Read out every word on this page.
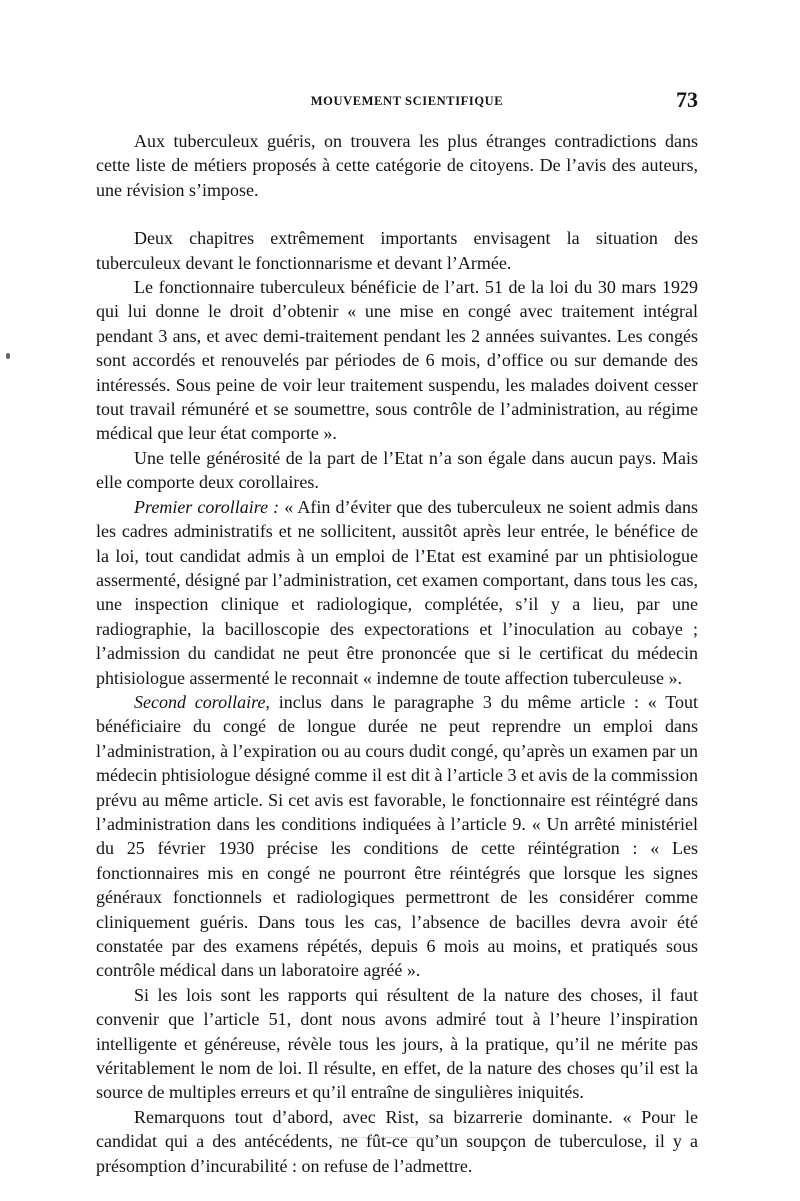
MOUVEMENT SCIENTIFIQUE	73

Aux tuberculeux guéris, on trouvera les plus étranges contradictions dans cette liste de métiers proposés à cette catégorie de citoyens. De l’avis des auteurs, une révision s’impose.

Deux chapitres extrêmement importants envisagent la situation des tuberculeux devant le fonctionnarisme et devant l’Armée.

Le fonctionnaire tuberculeux bénéficie de l’art. 51 de la loi du 30 mars 1929 qui lui donne le droit d’obtenir « une mise en congé avec traitement intégral pendant 3 ans, et avec demi-traitement pendant les 2 années suivantes. Les congés sont accordés et renouvelés par périodes de 6 mois, d’office ou sur demande des intéressés. Sous peine de voir leur traitement suspendu, les malades doivent cesser tout travail rémunéré et se soumettre, sous contrôle de l’administration, au régime médical que leur état comporte ».

Une telle générosité de la part de l’Etat n’a son égale dans aucun pays. Mais elle comporte deux corollaires.

Premier corollaire : « Afin d’éviter que des tuberculeux ne soient admis dans les cadres administratifs et ne sollicitent, aussitôt après leur entrée, le bénéfice de la loi, tout candidat admis à un emploi de l’Etat est examiné par un phtisiologue assermenté, désigné par l’administration, cet examen comportant, dans tous les cas, une inspection clinique et radiologique, complétée, s’il y a lieu, par une radiographie, la bacilloscopie des expectorations et l’inoculation au cobaye ; l’admission du candidat ne peut être prononcée que si le certificat du médecin phtisiologue assermenté le reconnait « indemne de toute affection tuberculeuse ».

Second corollaire, inclus dans le paragraphe 3 du même article : « Tout bénéficiaire du congé de longue durée ne peut reprendre un emploi dans l’administration, à l’expiration ou au cours dudit congé, qu’après un examen par un médecin phtisiologue désigné comme il est dit à l’article 3 et avis de la commission prévu au même article. Si cet avis est favorable, le fonctionnaire est réintégré dans l’administration dans les conditions indiquées à l’article 9. « Un arrêté ministériel du 25 février 1930 précise les conditions de cette réintégration : « Les fonctionnaires mis en congé ne pourront être réintégrés que lorsque les signes généraux fonctionnels et radiologiques permettront de les considérer comme cliniquement guéris. Dans tous les cas, l’absence de bacilles devra avoir été constatée par des examens répétés, depuis 6 mois au moins, et pratiqués sous contrôle médical dans un laboratoire agréé ».

Si les lois sont les rapports qui résultent de la nature des choses, il faut convenir que l’article 51, dont nous avons admiré tout à l’heure l’inspiration intelligente et généreuse, révèle tous les jours, à la pratique, qu’il ne mérite pas véritablement le nom de loi. Il résulte, en effet, de la nature des choses qu’il est la source de multiples erreurs et qu’il entraîne de singulières iniquités.

Remarquons tout d’abord, avec Rist, sa bizarrerie dominante. « Pour le candidat qui a des antécédents, ne fût-ce qu’un soupçon de tuberculose, il y a présomption d’incurabilité : on refuse de l’admettre.
